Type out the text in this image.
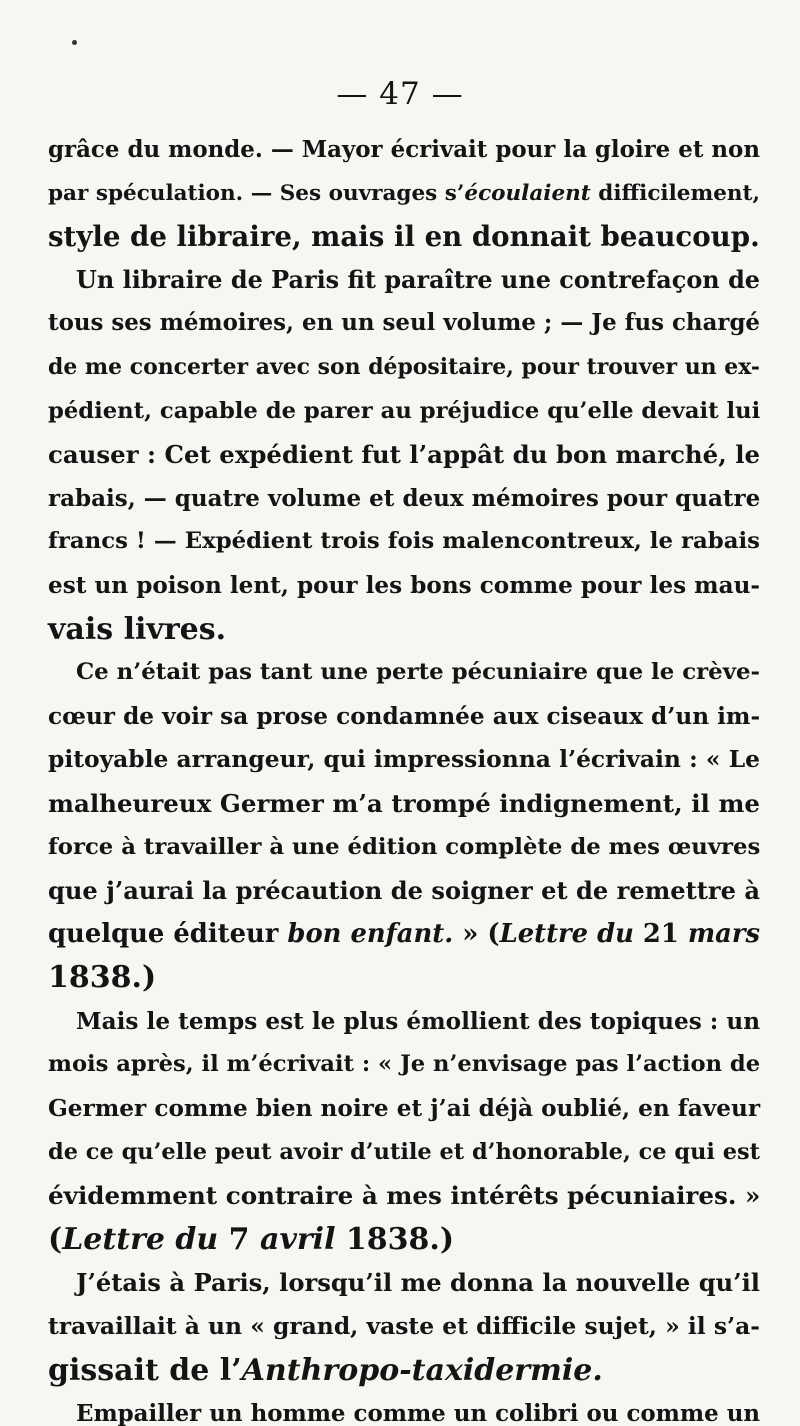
— 47 —
grâce du monde. — Mayor écrivait pour la gloire et non
par spéculation. — Ses ouvrages s’écoulaient difficilement,
style de libraire, mais il en donnait beaucoup.
Un libraire de Paris fit paraître une contrefaçon de
tous ses mémoires, en un seul volume ; — Je fus chargé
de me concerter avec son dépositaire, pour trouver un ex-
pédient, capable de parer au préjudice qu’elle devait lui
causer : Cet expédient fut l’appât du bon marché, le
rabais, — quatre volume et deux mémoires pour quatre
francs ! — Expédient trois fois malencontreux, le rabais
est un poison lent, pour les bons comme pour les mau-
vais livres.
Ce n’était pas tant une perte pécuniaire que le crève-
cœur de voir sa prose condamnée aux ciseaux d’un im-
pitoyable arrangeur, qui impressionna l’écrivain : « Le
malheureux Germer m’a trompé indignement, il me
force à travailler à une édition complète de mes œuvres
que j’aurai la précaution de soigner et de remettre à
quelque éditeur bon enfant. » (Lettre du 21 mars
1838.)
Mais le temps est le plus émollient des topiques : un
mois après, il m’écrivait : « Je n’envisage pas l’action de
Germer comme bien noire et j’ai déjà oublié, en faveur
de ce qu’elle peut avoir d’utile et d’honorable, ce qui est
évidemment contraire à mes intérêts pécuniaires. »
(Lettre du 7 avril 1838.)
J’étais à Paris, lorsqu’il me donna la nouvelle qu’il
travaillait à un « grand, vaste et difficile sujet, » il s’a-
gissait de l’Anthropo-taxidermie.
Empailler un homme comme un colibri ou comme un
